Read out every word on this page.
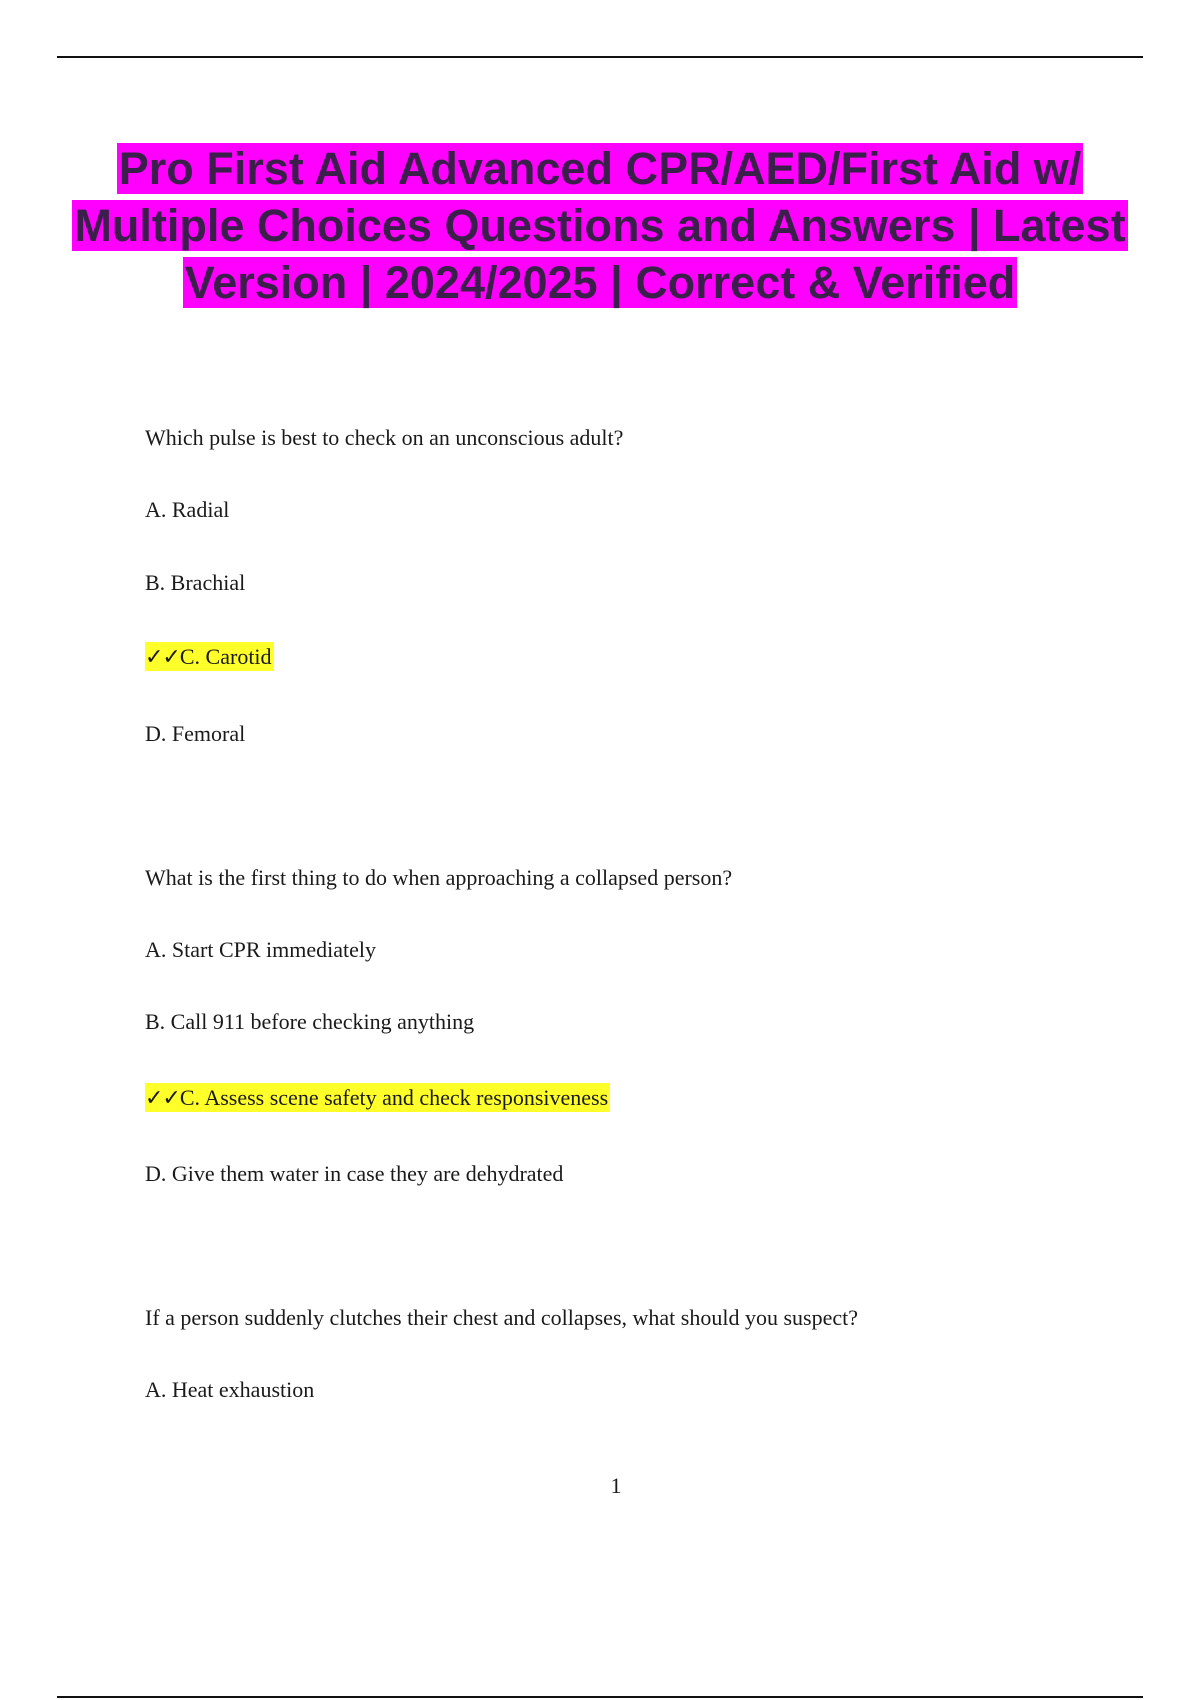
Pro First Aid Advanced CPR/AED/First Aid w/ Multiple Choices Questions and Answers | Latest Version | 2024/2025 | Correct & Verified
Which pulse is best to check on an unconscious adult?
A. Radial
B. Brachial
✓✓C. Carotid
D. Femoral
What is the first thing to do when approaching a collapsed person?
A. Start CPR immediately
B. Call 911 before checking anything
✓✓C. Assess scene safety and check responsiveness
D. Give them water in case they are dehydrated
If a person suddenly clutches their chest and collapses, what should you suspect?
A. Heat exhaustion
1
